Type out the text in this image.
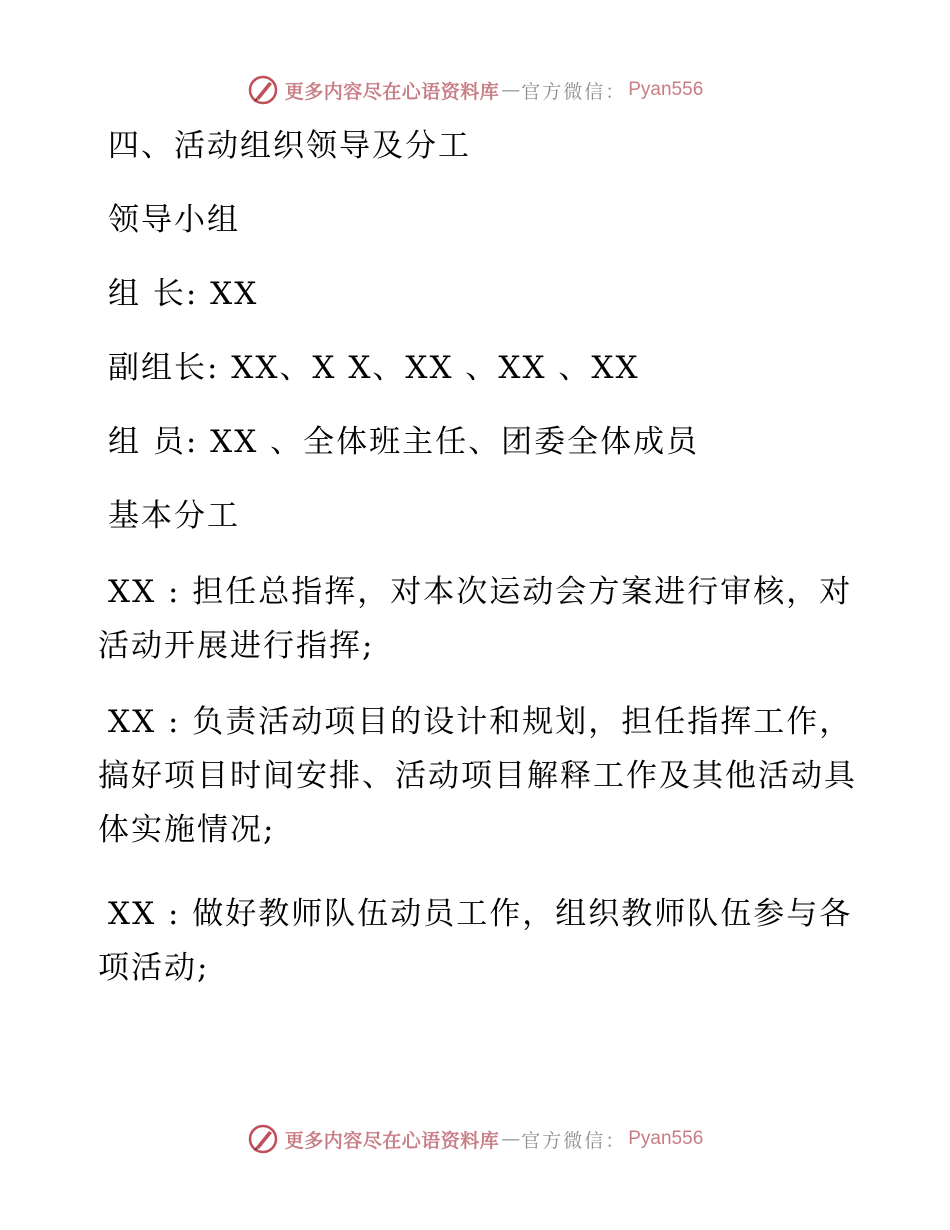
更多内容尽在心语资料库 — 官方微信： Pyan556
四、活动组织领导及分工
领导小组
组 长: XX
副组长: XX、X X、XX 、XX 、XX
组 员: XX 、全体班主任、团委全体成员
基本分工
XX : 担任总指挥，对本次运动会方案进行审核，对活动开展进行指挥;
XX : 负责活动项目的设计和规划，担任指挥工作，搞好项目时间安排、活动项目解释工作及其他活动具体实施情况;
XX : 做好教师队伍动员工作，组织教师队伍参与各项活动;
更多内容尽在心语资料库 — 官方微信： Pyan556
